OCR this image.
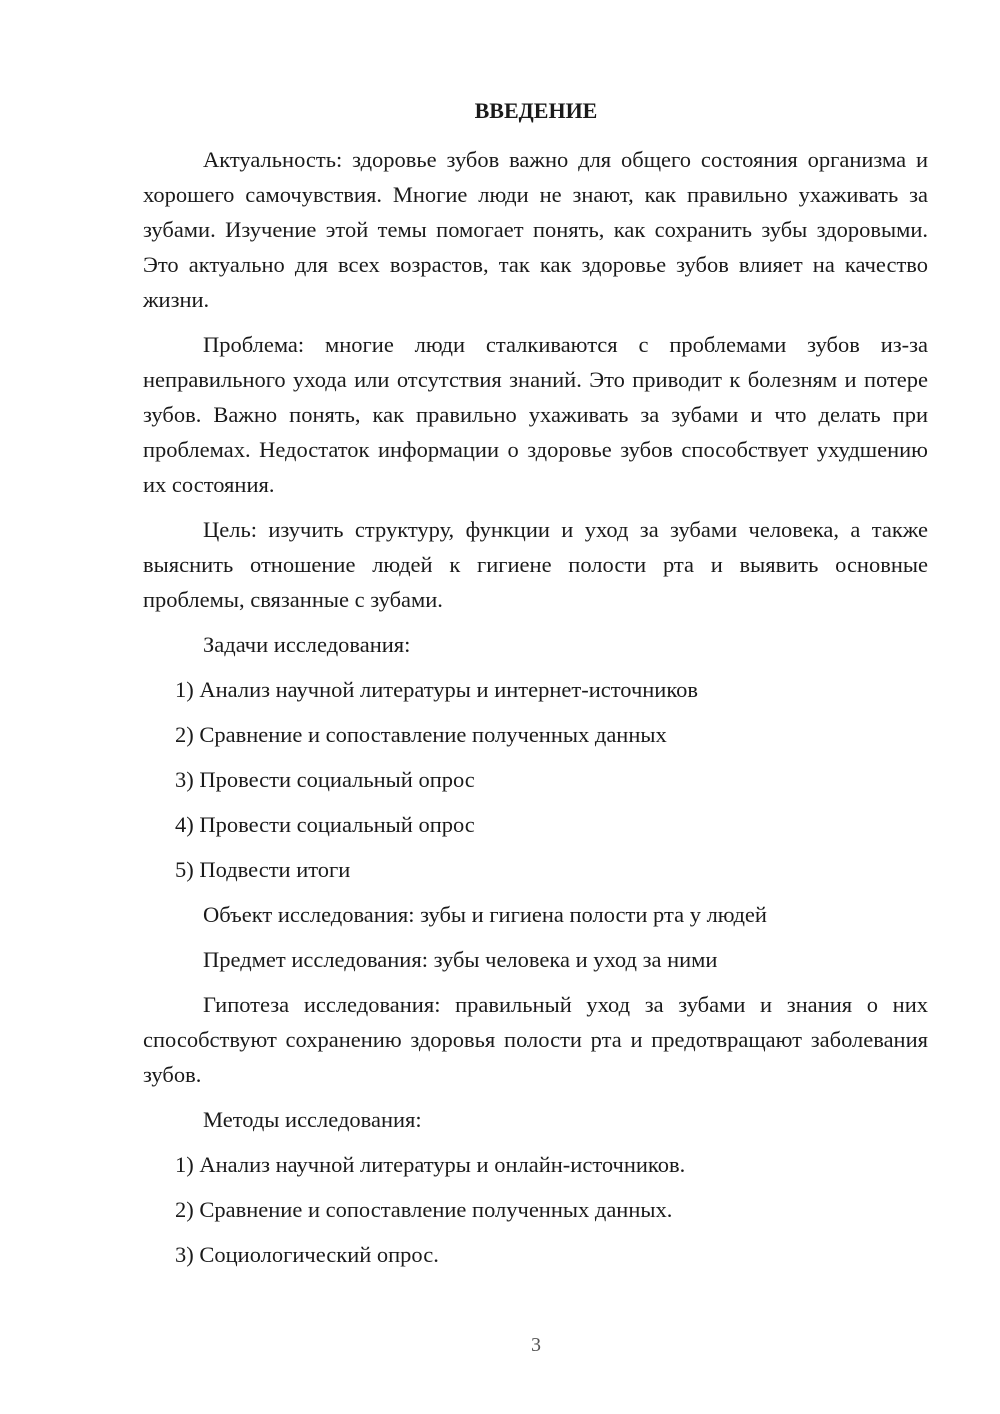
ВВЕДЕНИЕ

Актуальность: здоровье зубов важно для общего состояния организма и хорошего самочувствия. Многие люди не знают, как правильно ухаживать за зубами. Изучение этой темы помогает понять, как сохранить зубы здоровыми. Это актуально для всех возрастов, так как здоровье зубов влияет на качество жизни.

Проблема: многие люди сталкиваются с проблемами зубов из-за неправильного ухода или отсутствия знаний. Это приводит к болезням и потере зубов. Важно понять, как правильно ухаживать за зубами и что делать при проблемах. Недостаток информации о здоровье зубов способствует ухудшению их состояния.

Цель: изучить структуру, функции и уход за зубами человека, а также выяснить отношение людей к гигиене полости рта и выявить основные проблемы, связанные с зубами.

Задачи исследования:

1) Анализ научной литературы и интернет-источников

2) Сравнение и сопоставление полученных данных

3) Провести социальный опрос

4) Провести социальный опрос

5) Подвести итоги

Объект исследования: зубы и гигиена полости рта у людей

Предмет исследования: зубы человека и уход за ними

Гипотеза исследования: правильный уход за зубами и знания о них способствуют сохранению здоровья полости рта и предотвращают заболевания зубов.

Методы исследования:

1) Анализ научной литературы и онлайн-источников.

2) Сравнение и сопоставление полученных данных.

3) Социологический опрос.

3
